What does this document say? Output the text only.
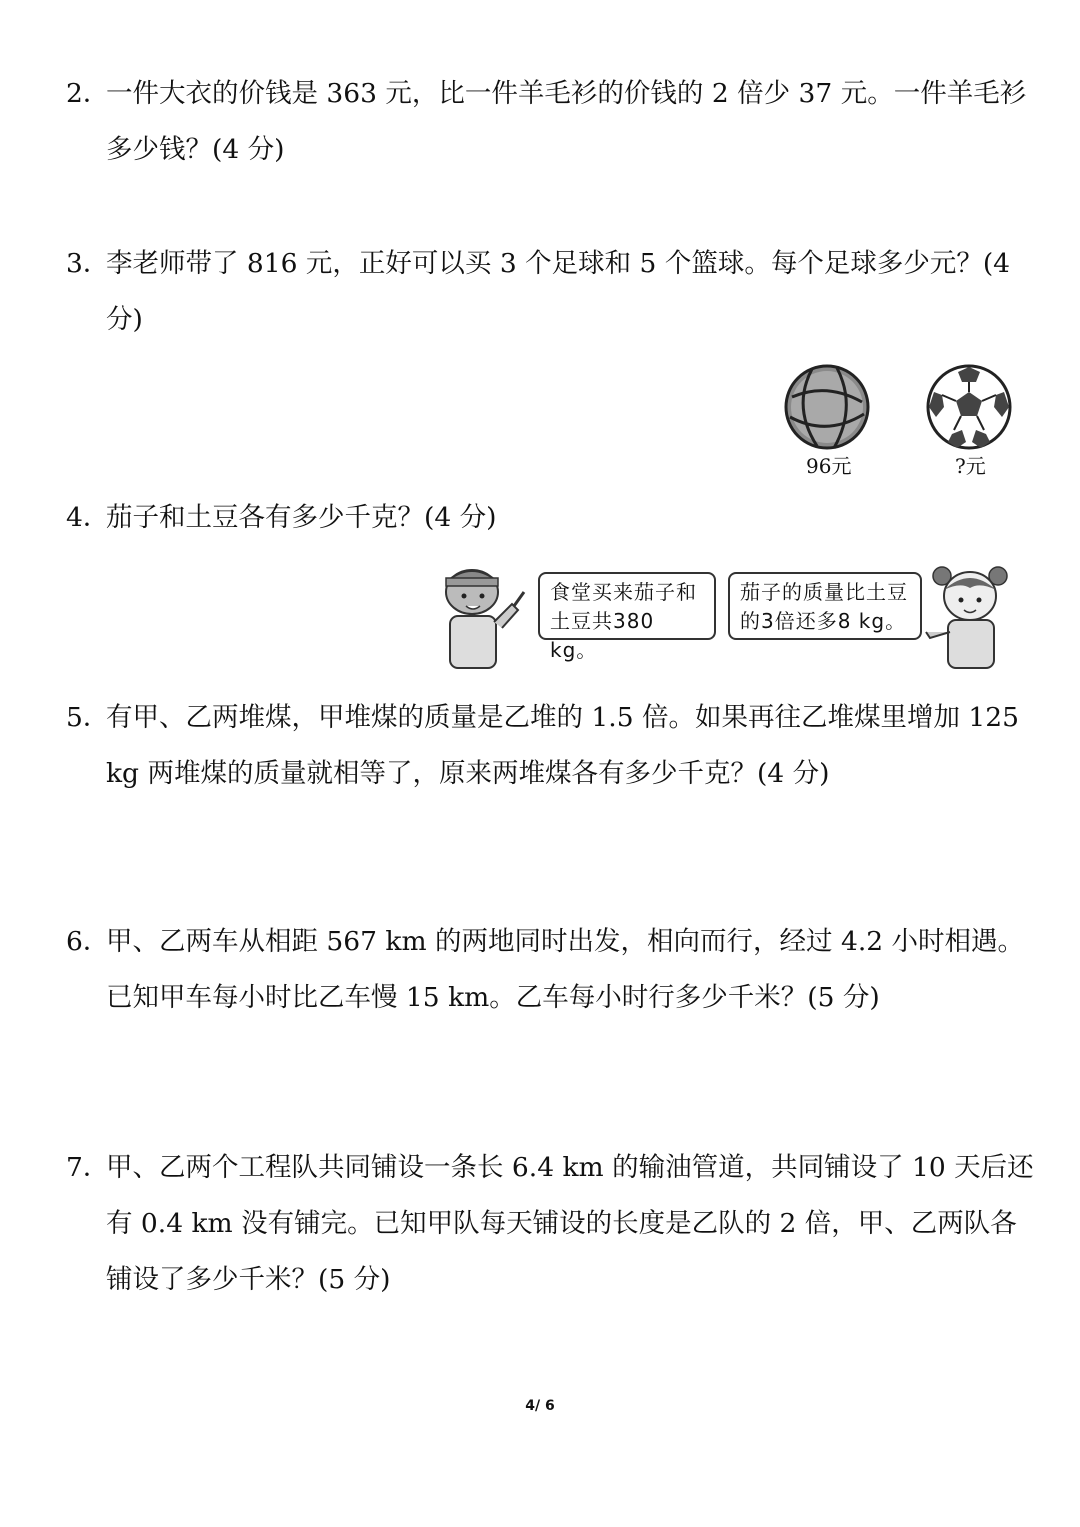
2．一件大衣的价钱是 363 元，比一件羊毛衫的价钱的 2 倍少 37 元。一件羊毛衫
多少钱？(4 分)
3．李老师带了 816 元，正好可以买 3 个足球和 5 个篮球。每个足球多少元？(4
分)
96元	?元
4．茄子和土豆各有多少千克？(4 分)
食堂买来茄子和
土豆共380 kg。
茄子的质量比土豆
的3倍还多8 kg。
5．有甲、乙两堆煤，甲堆煤的质量是乙堆的 1.5 倍。如果再往乙堆煤里增加 125
kg 两堆煤的质量就相等了，原来两堆煤各有多少千克？(4 分)
6．甲、乙两车从相距 567 km 的两地同时出发，相向而行，经过 4.2 小时相遇。
已知甲车每小时比乙车慢 15 km。乙车每小时行多少千米？(5 分)
7．甲、乙两个工程队共同铺设一条长 6.4 km 的输油管道，共同铺设了 10 天后还
有 0.4 km 没有铺完。已知甲队每天铺设的长度是乙队的 2 倍，甲、乙两队各
铺设了多少千米？(5 分)
4/ 6
